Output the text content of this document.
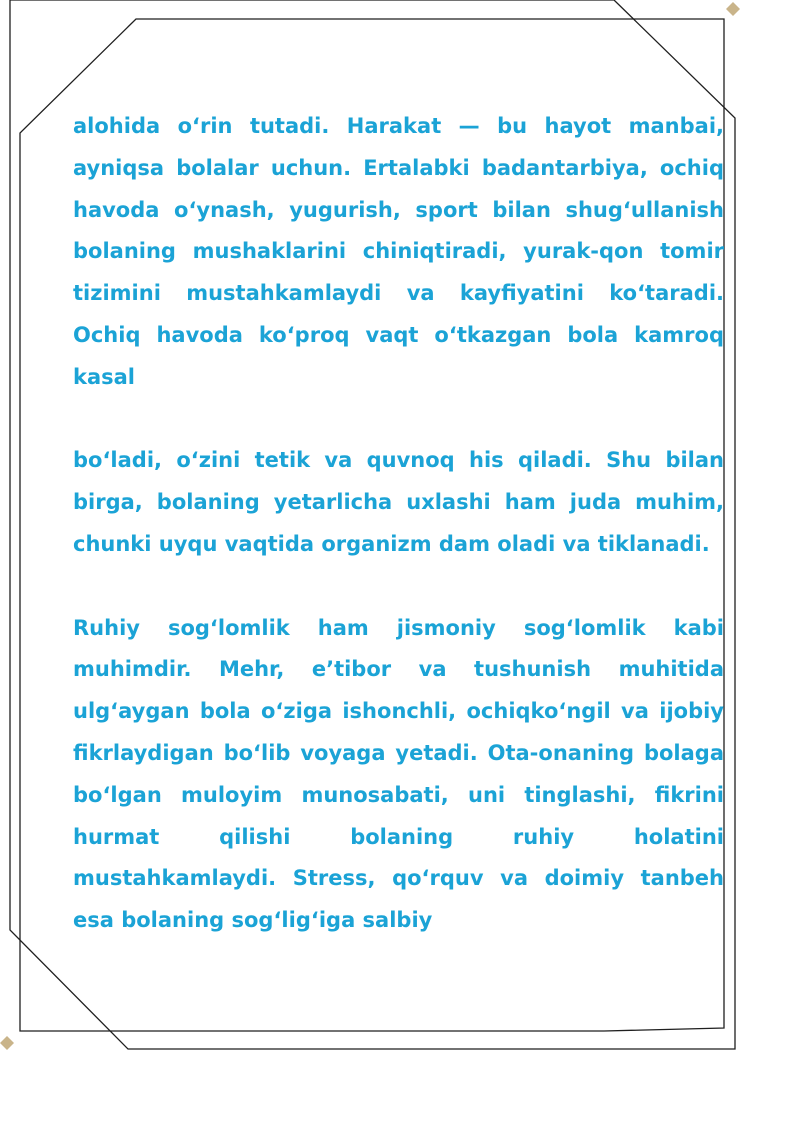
alohida o‘rin tutadi. Harakat — bu hayot manbai, ayniqsa bolalar uchun. Ertalabki badantarbiya, ochiq havoda o‘ynash, yugurish, sport bilan shug‘ullanish bolaning mushaklarini chiniqtiradi, yurak-qon tomir tizimini mustahkamlaydi va kayfiyatini ko‘taradi. Ochiq havoda ko‘proq vaqt o‘tkazgan bola kamroq kasal

bo‘ladi, o‘zini tetik va quvnoq his qiladi. Shu bilan birga, bolaning yetarlicha uxlashi ham juda muhim, chunki uyqu vaqtida organizm dam oladi va tiklanadi.

Ruhiy sog‘lomlik ham jismoniy sog‘lomlik kabi muhimdir. Mehr, e’tibor va tushunish muhitida ulg‘aygan bola o‘ziga ishonchli, ochiqko‘ngil va ijobiy fikrlaydigan bo‘lib voyaga yetadi. Ota-onaning bolaga bo‘lgan muloyim munosabati, uni tinglashi, fikrini hurmat qilishi bolaning ruhiy holatini mustahkamlaydi. Stress, qo‘rquv va doimiy tanbeh esa bolaning sog‘lig‘iga salbiy
